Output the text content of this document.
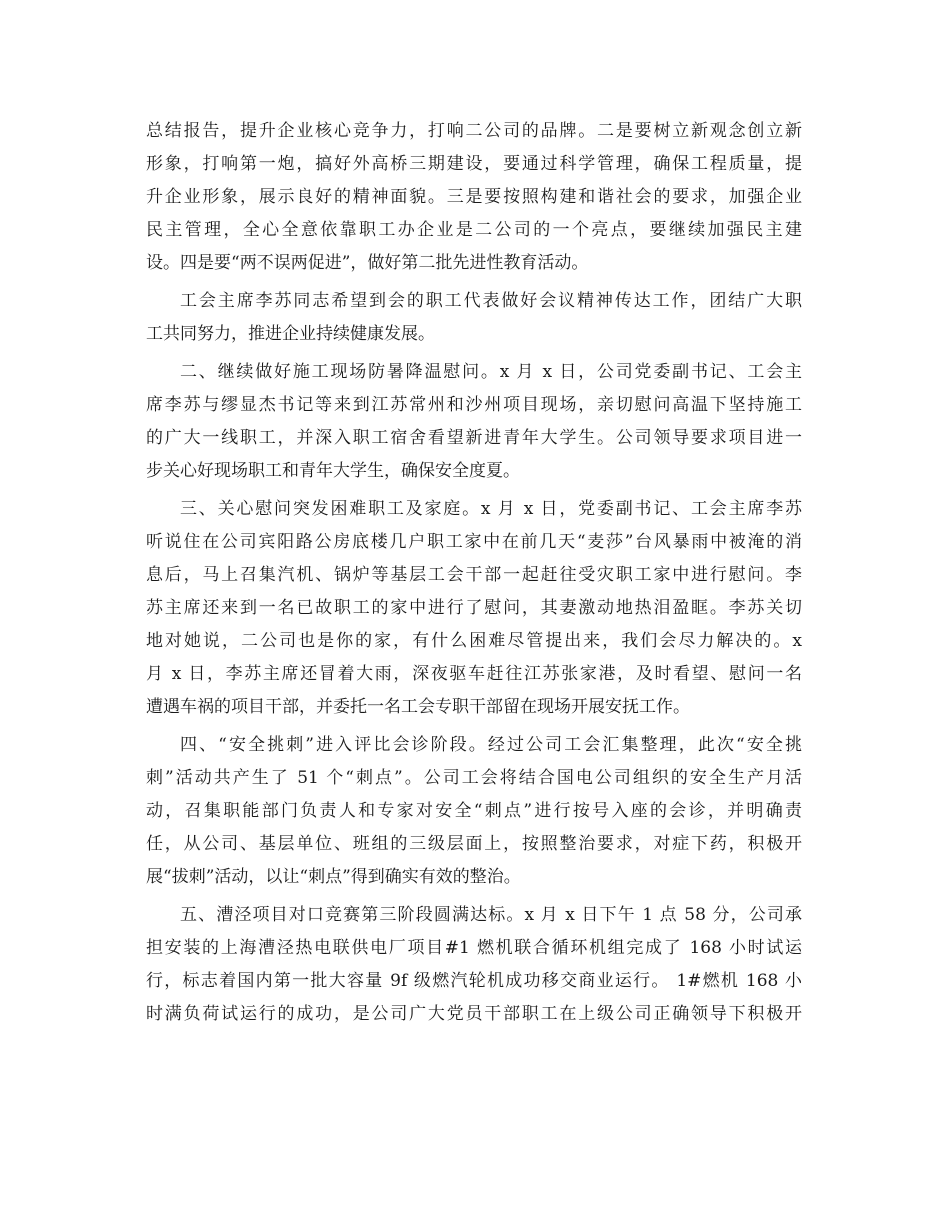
总结报告，提升企业核心竞争力，打响二公司的品牌。二是要树立新观念创立新
形象，打响第一炮，搞好外高桥三期建设，要通过科学管理，确保工程质量，提
升企业形象，展示良好的精神面貌。三是要按照构建和谐社会的要求，加强企业
民主管理，全心全意依靠职工办企业是二公司的一个亮点，要继续加强民主建
设。四是要“两不误两促进”，做好第二批先进性教育活动。
工会主席李苏同志希望到会的职工代表做好会议精神传达工作，团结广大职
工共同努力，推进企业持续健康发展。
二、继续做好施工现场防暑降温慰问。x 月 x 日，公司党委副书记、工会主
席李苏与缪显杰书记等来到江苏常州和沙州项目现场，亲切慰问高温下坚持施工
的广大一线职工，并深入职工宿舍看望新进青年大学生。公司领导要求项目进一
步关心好现场职工和青年大学生，确保安全度夏。
三、关心慰问突发困难职工及家庭。x 月 x 日，党委副书记、工会主席李苏
听说住在公司宾阳路公房底楼几户职工家中在前几天“麦莎”台风暴雨中被淹的消
息后，马上召集汽机、锅炉等基层工会干部一起赶往受灾职工家中进行慰问。李
苏主席还来到一名已故职工的家中进行了慰问，其妻激动地热泪盈眶。李苏关切
地对她说，二公司也是你的家，有什么困难尽管提出来，我们会尽力解决的。x
月 x 日，李苏主席还冒着大雨，深夜驱车赶往江苏张家港，及时看望、慰问一名
遭遇车祸的项目干部，并委托一名工会专职干部留在现场开展安抚工作。
四、“安全挑刺”进入评比会诊阶段。经过公司工会汇集整理，此次“安全挑
刺”活动共产生了 51 个“刺点”。公司工会将结合国电公司组织的安全生产月活
动，召集职能部门负责人和专家对安全“刺点”进行按号入座的会诊，并明确责
任，从公司、基层单位、班组的三级层面上，按照整治要求，对症下药，积极开
展“拔刺”活动，以让“刺点”得到确实有效的整治。
五、漕泾项目对口竞赛第三阶段圆满达标。x 月 x 日下午 1 点 58 分，公司承
担安装的上海漕泾热电联供电厂项目#1 燃机联合循环机组完成了 168 小时试运
行，标志着国内第一批大容量 9f 级燃汽轮机成功移交商业运行。 1#燃机 168 小
时满负荷试运行的成功，是公司广大党员干部职工在上级公司正确领导下积极开
